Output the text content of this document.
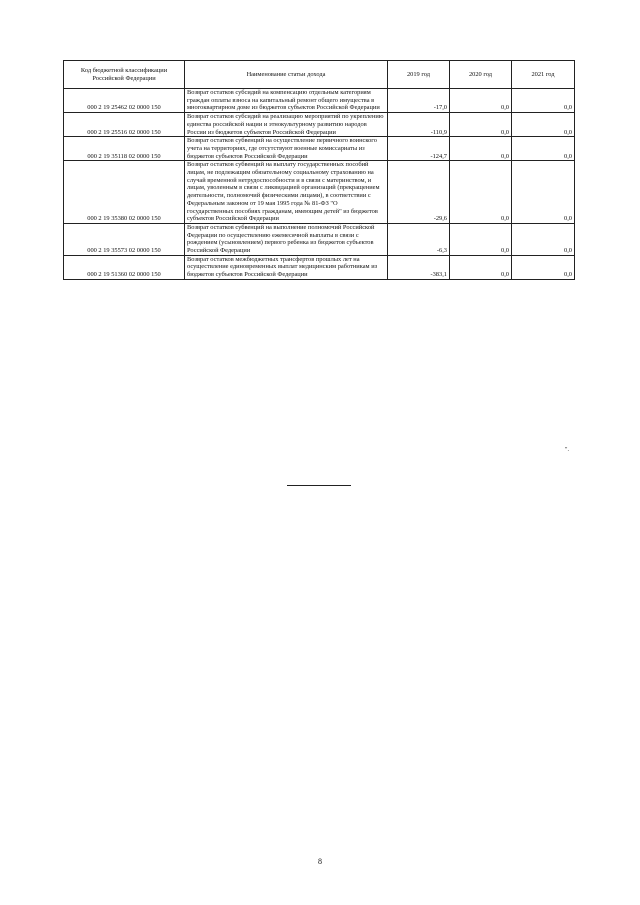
Код бюджетной классификации Российской Федерации	Наименование статьи дохода	2019 год	2020 год	2021 год
000 2 19 25462 02 0000 150	Возврат остатков субсидий на компенсацию отдельным категориям граждан оплаты взноса на капитальный ремонт общего имущества в многоквартирном доме из бюджетов субъектов Российской Федерации	-17,0	0,0	0,0
000 2 19 25516 02 0000 150	Возврат остатков субсидий на реализацию мероприятий по укреплению единства российской нации и этнокультурному развитию народов России из бюджетов субъектов Российской Федерации	-110,9	0,0	0,0
000 2 19 35118 02 0000 150	Возврат остатков субвенций на осуществление первичного воинского учета на территориях, где отсутствуют военные комиссариаты из бюджетов субъектов Российской Федерации	-124,7	0,0	0,0
000 2 19 35380 02 0000 150	Возврат остатков субвенций на выплату государственных пособий лицам, не подлежащим обязательному социальному страхованию на случай временной нетрудоспособности и в связи с материнством, и лицам, уволенным в связи с ликвидацией организаций (прекращением деятельности, полномочий физическими лицами), в соответствии с Федеральным законом от 19 мая 1995 года № 81-ФЗ "О государственных пособиях гражданам, имеющим детей" из бюджетов субъектов Российской Федерации	-29,6	0,0	0,0
000 2 19 35573 02 0000 150	Возврат остатков субвенций на выполнение полномочий Российской Федерации по осуществлению ежемесячной выплаты в связи с рождением (усыновлением) первого ребенка из бюджетов субъектов Российской Федерации	-6,3	0,0	0,0
000 2 19 51360 02 0000 150	Возврат остатков межбюджетных трансфертов прошлых лет на осуществление единовременных выплат медицинским работникам из бюджетов субъектов Российской Федерации	-383,1	0,0	0,0
".
8
